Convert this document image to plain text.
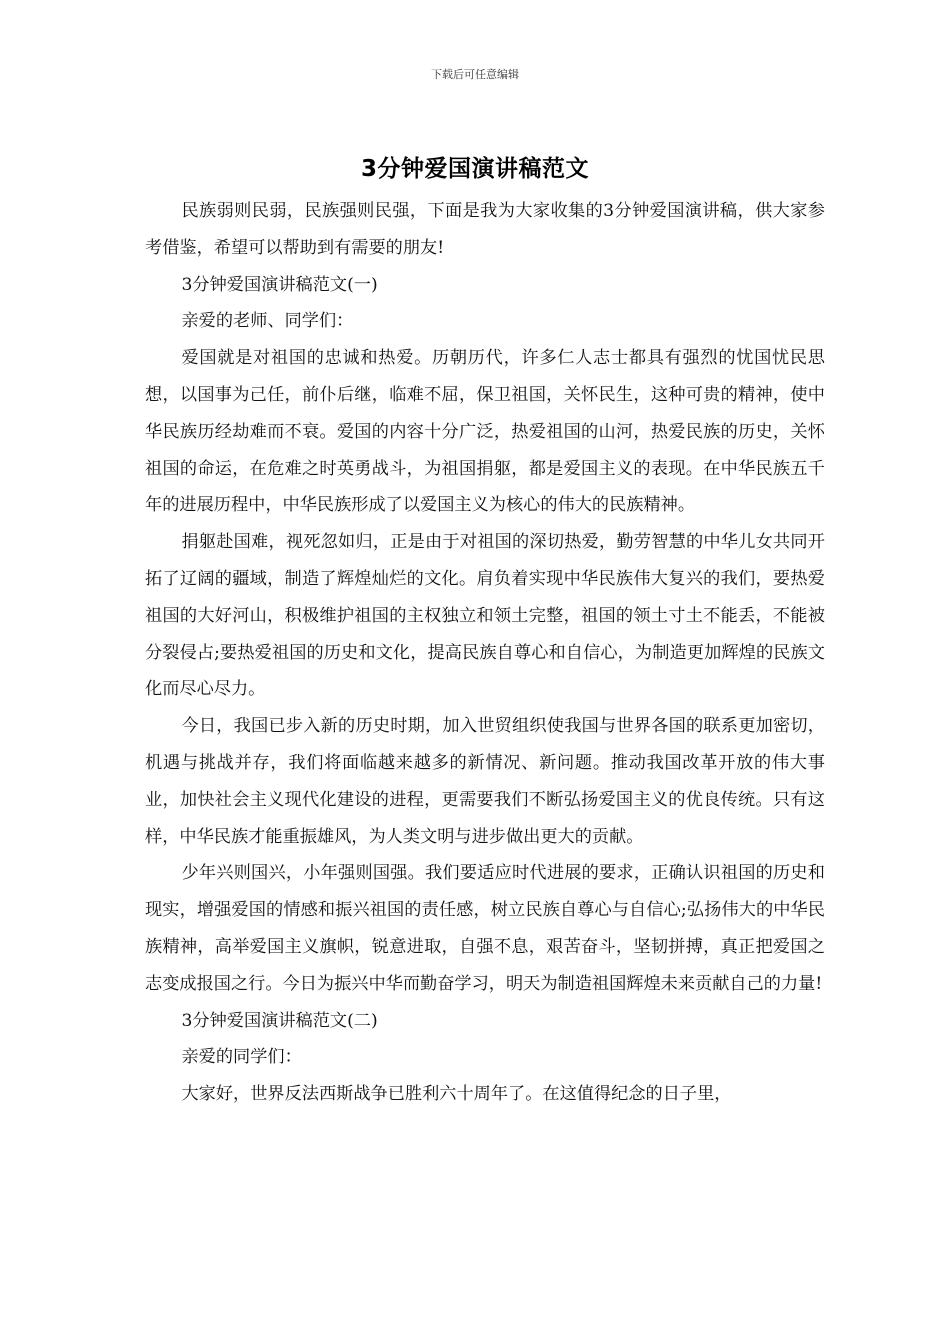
下载后可任意编辑
3分钟爱国演讲稿范文

民族弱则民弱，民族强则民强，下面是我为大家收集的3分钟爱国演讲稿，供大家参考借鉴，希望可以帮助到有需要的朋友!

3分钟爱国演讲稿范文(一)

亲爱的老师、同学们：

爱国就是对祖国的忠诚和热爱。历朝历代，许多仁人志士都具有强烈的忧国忧民思想，以国事为己任，前仆后继，临难不屈，保卫祖国，关怀民生，这种可贵的精神，使中华民族历经劫难而不衰。爱国的内容十分广泛，热爱祖国的山河，热爱民族的历史，关怀祖国的命运，在危难之时英勇战斗，为祖国捐躯，都是爱国主义的表现。在中华民族五千年的进展历程中，中华民族形成了以爱国主义为核心的伟大的民族精神。

捐躯赴国难，视死忽如归，正是由于对祖国的深切热爱，勤劳智慧的中华儿女共同开拓了辽阔的疆域，制造了辉煌灿烂的文化。肩负着实现中华民族伟大复兴的我们，要热爱祖国的大好河山，积极维护祖国的主权独立和领土完整，祖国的领土寸土不能丢，不能被分裂侵占;要热爱祖国的历史和文化，提高民族自尊心和自信心，为制造更加辉煌的民族文化而尽心尽力。

今日，我国已步入新的历史时期，加入世贸组织使我国与世界各国的联系更加密切，机遇与挑战并存，我们将面临越来越多的新情况、新问题。推动我国改革开放的伟大事业，加快社会主义现代化建设的进程，更需要我们不断弘扬爱国主义的优良传统。只有这样，中华民族才能重振雄风，为人类文明与进步做出更大的贡献。

少年兴则国兴，小年强则国强。我们要适应时代进展的要求，正确认识祖国的历史和现实，增强爱国的情感和振兴祖国的责任感，树立民族自尊心与自信心;弘扬伟大的中华民族精神，高举爱国主义旗帜，锐意进取，自强不息，艰苦奋斗，坚韧拼搏，真正把爱国之志变成报国之行。今日为振兴中华而勤奋学习，明天为制造祖国辉煌未来贡献自己的力量!

3分钟爱国演讲稿范文(二)

亲爱的同学们：

大家好，世界反法西斯战争已胜利六十周年了。在这值得纪念的日子里，
